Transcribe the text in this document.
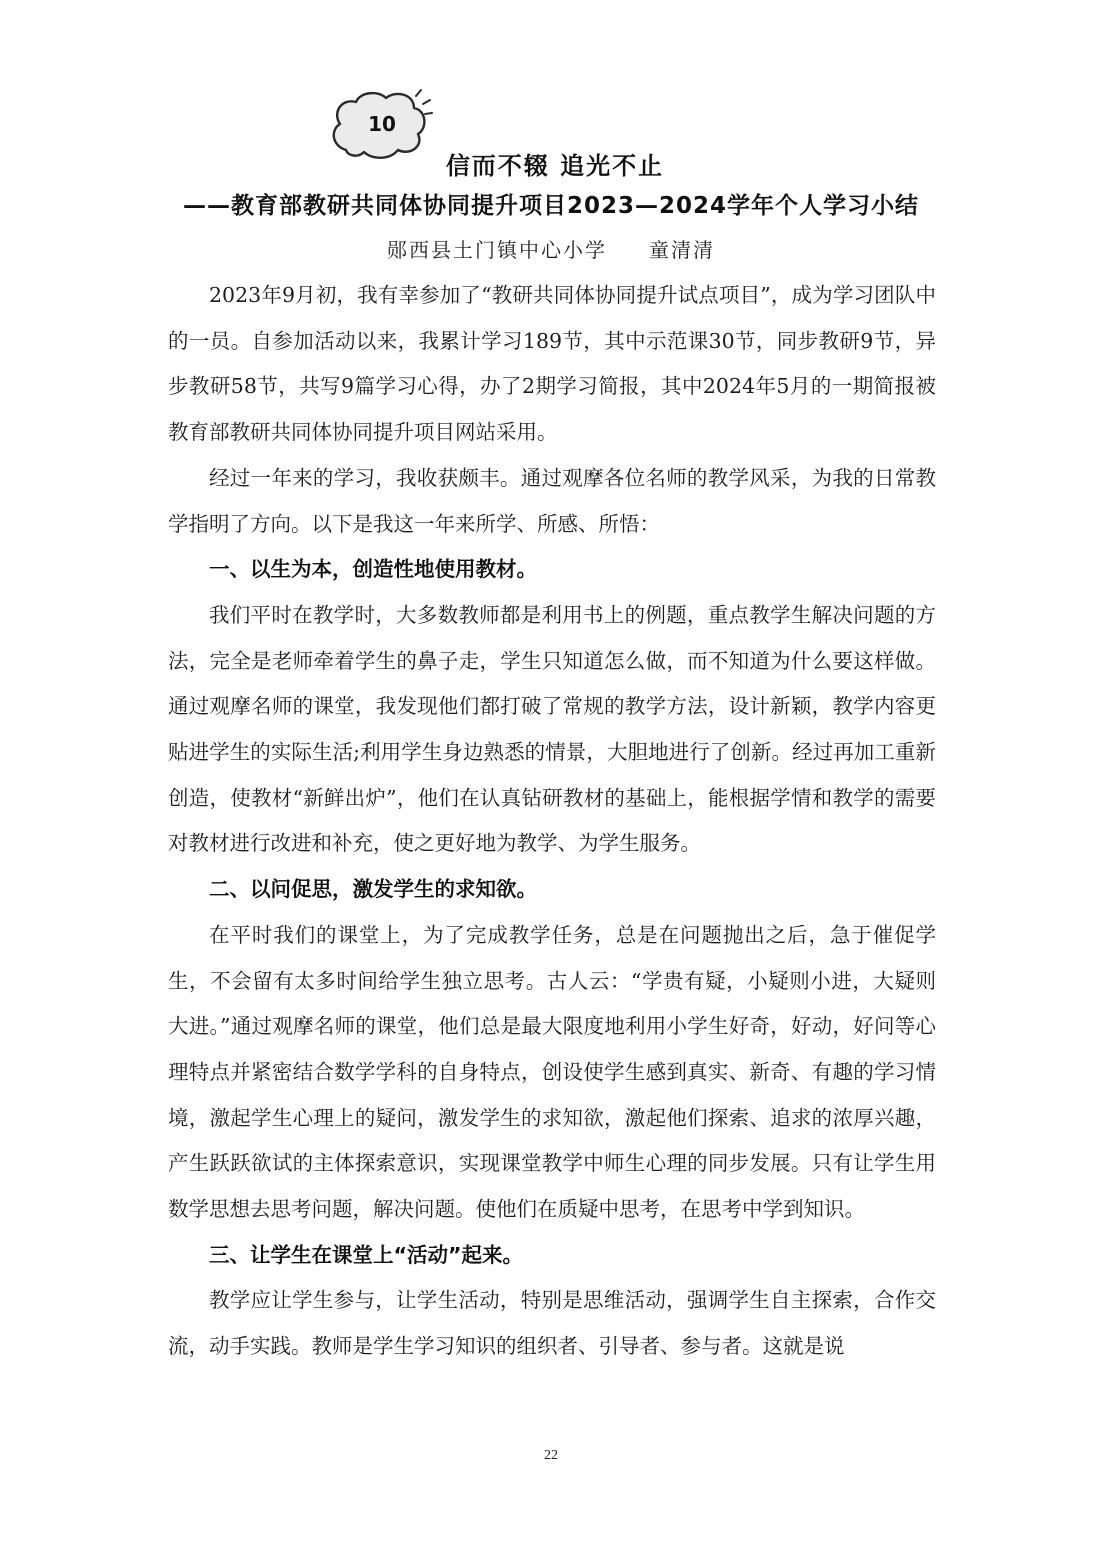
10
信而不辍 追光不止
——教育部教研共同体协同提升项目2023—2024学年个人学习小结
郧西县土门镇中心小学 童清清

2023年9月初，我有幸参加了“教研共同体协同提升试点项目”，成为学习团队中的一员。自参加活动以来，我累计学习189节，其中示范课30节，同步教研9节，异步教研58节，共写9篇学习心得，办了2期学习简报，其中2024年5月的一期简报被教育部教研共同体协同提升项目网站采用。

经过一年来的学习，我收获颇丰。通过观摩各位名师的教学风采，为我的日常教学指明了方向。以下是我这一年来所学、所感、所悟：

一、以生为本，创造性地使用教材。

我们平时在教学时，大多数教师都是利用书上的例题，重点教学生解决问题的方法，完全是老师牵着学生的鼻子走，学生只知道怎么做，而不知道为什么要这样做。通过观摩名师的课堂，我发现他们都打破了常规的教学方法，设计新颖，教学内容更贴进学生的实际生活;利用学生身边熟悉的情景，大胆地进行了创新。经过再加工重新创造，使教材“新鲜出炉”，他们在认真钻研教材的基础上，能根据学情和教学的需要对教材进行改进和补充，使之更好地为教学、为学生服务。

二、以问促思，激发学生的求知欲。

在平时我们的课堂上，为了完成教学任务，总是在问题抛出之后，急于催促学生，不会留有太多时间给学生独立思考。古人云：“学贵有疑，小疑则小进，大疑则大进。”通过观摩名师的课堂，他们总是最大限度地利用小学生好奇，好动，好问等心理特点并紧密结合数学学科的自身特点，创设使学生感到真实、新奇、有趣的学习情境，激起学生心理上的疑问，激发学生的求知欲，激起他们探索、追求的浓厚兴趣，产生跃跃欲试的主体探索意识，实现课堂教学中师生心理的同步发展。只有让学生用数学思想去思考问题，解决问题。使他们在质疑中思考，在思考中学到知识。

三、让学生在课堂上“活动”起来。

教学应让学生参与，让学生活动，特别是思维活动，强调学生自主探索，合作交流，动手实践。教师是学生学习知识的组织者、引导者、参与者。这就是说

22
